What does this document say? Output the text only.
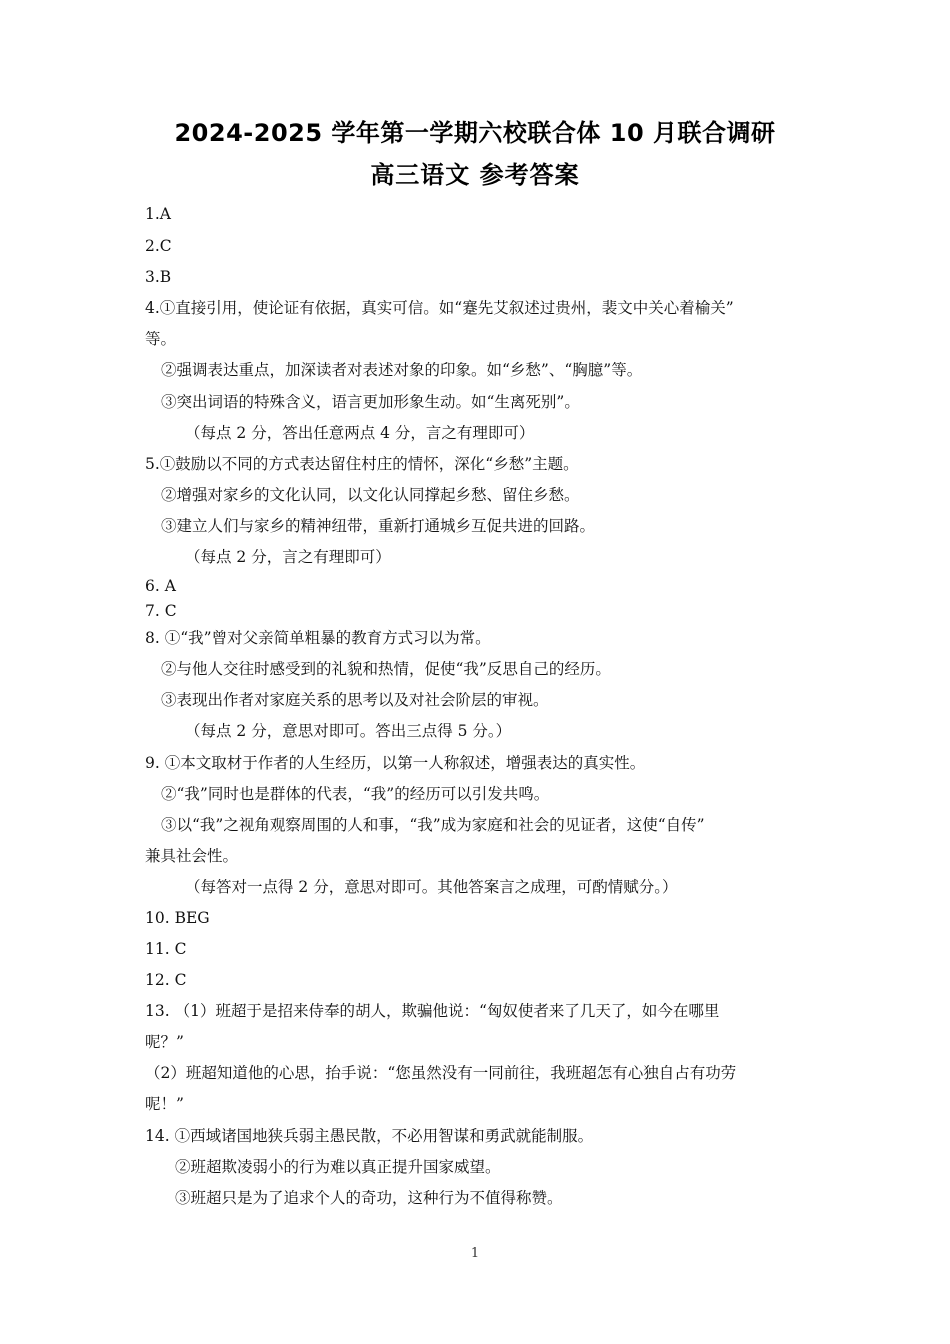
2024-2025 学年第一学期六校联合体 10 月联合调研
高三语文 参考答案
1.A
2.C
3.B
4.①直接引用，使论证有依据，真实可信。如“蹇先艾叙述过贵州，裴文中关心着榆关”
等。
②强调表达重点，加深读者对表述对象的印象。如“乡愁”、“胸臆”等。
③突出词语的特殊含义，语言更加形象生动。如“生离死别”。
（每点 2 分，答出任意两点 4 分，言之有理即可）
5.①鼓励以不同的方式表达留住村庄的情怀，深化“乡愁”主题。
②增强对家乡的文化认同，以文化认同撑起乡愁、留住乡愁。
③建立人们与家乡的精神纽带，重新打通城乡互促共进的回路。
（每点 2 分，言之有理即可）
6. A
7. C
8. ①“我”曾对父亲简单粗暴的教育方式习以为常。
②与他人交往时感受到的礼貌和热情，促使“我”反思自己的经历。
③表现出作者对家庭关系的思考以及对社会阶层的审视。
（每点 2 分，意思对即可。答出三点得 5 分。）
9. ①本文取材于作者的人生经历，以第一人称叙述，增强表达的真实性。
②“我”同时也是群体的代表，“我”的经历可以引发共鸣。
③以“我”之视角观察周围的人和事，“我”成为家庭和社会的见证者，这使“自传”
兼具社会性。
（每答对一点得 2 分，意思对即可。其他答案言之成理，可酌情赋分。）
10. BEG
11. C
12. C
13. （1）班超于是招来侍奉的胡人，欺骗他说：“匈奴使者来了几天了，如今在哪里
呢？”
（2）班超知道他的心思，抬手说：“您虽然没有一同前往，我班超怎有心独自占有功劳
呢！”
14. ①西域诸国地狭兵弱主愚民散，不必用智谋和勇武就能制服。
②班超欺凌弱小的行为难以真正提升国家威望。
③班超只是为了追求个人的奇功，这种行为不值得称赞。
1
